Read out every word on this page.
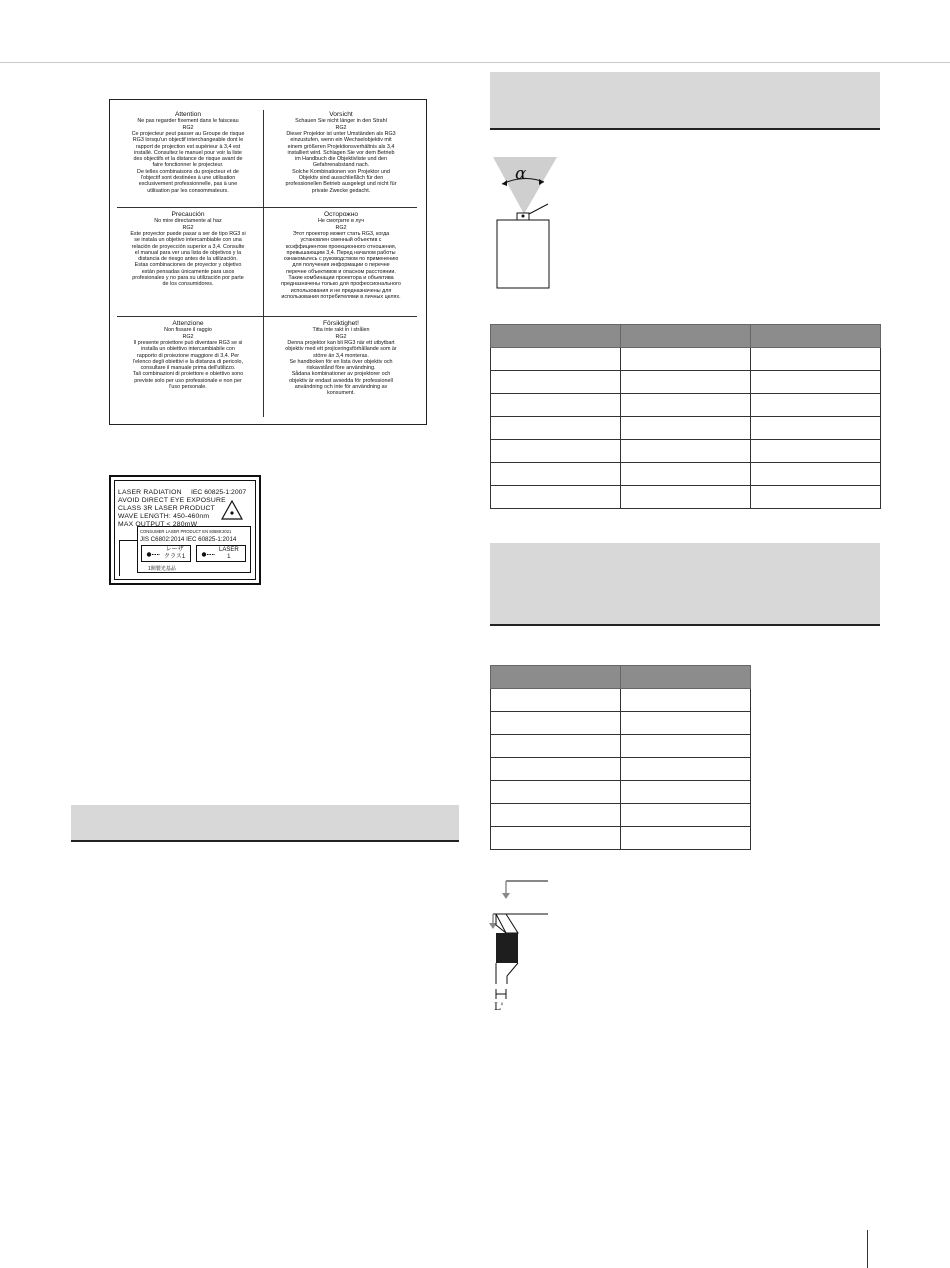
Attention
Ne pas regarder fixement dans le faisceau
RG2
Ce projecteur peut passer au Groupe de risque
RG3 lorsqu'un objectif interchangeable dont le
rapport de projection est supérieur à 3,4 est
installé. Consultez le manuel pour voir la liste
des objectifs et la distance de risque avant de
faire fonctionner le projecteur.
De telles combinaisons du projecteur et de
l'objectif sont destinées à une utilisation
exclusivement professionnelle, pas à une
utilisation par les consommateurs.
Vorsicht
Schauen Sie nicht länger in den Strahl
RG2
Dieser Projektor ist unter Umständen als RG3
einzustufen, wenn ein Wechselobjektiv mit
einem größeren Projektionsverhältnis als 3,4
installiert wird. Schlagen Sie vor dem Betrieb
im Handbuch die Objektivliste und den
Gefahrenabstand nach.
Solche Kombinationen von Projektor und
Objektiv sind ausschließlich für den
professionellen Betrieb ausgelegt und nicht für
private Zwecke gedacht.
Precaución
No mire directamente al haz
RG2
Este proyector puede pasar a ser de tipo RG3 si
se instala un objetivo intercambiable con una
relación de proyección superior a 3,4. Consulte
el manual para ver una lista de objetivos y la
distancia de riesgo antes de la utilización.
Estas combinaciones de proyector y objetivo
están pensadas únicamente para usos
profesionales y no para su utilización por parte
de los consumidores.
Осторожно
Не смотрите в луч
RG2
Этот проектор может стать RG3, когда
установлен сменный объектив с
коэффициентом проекционного отношения,
превышающим 3,4. Перед началом работы
ознакомьтесь с руководством по применению
для получения информации о перечне
перечне объективов и опасном расстоянии.
Такие комбинации проектора и объектива
предназначены только для профессионального
использования и не предназначены для
использования потребителями в личных целях.
Attenzione
Non fissare il raggio
RG2
Il presente proiettore può diventare RG3 se si
installa un obiettivo intercambiabile con
rapporto di proiezione maggiore di 3,4. Per
l'elenco degli obiettivi e la distanza di pericolo,
consultare il manuale prima dell'utilizzo.
Tali combinazioni di proiettore e obiettivo sono
previste solo per uso professionale e non per
l'uso personale.
Försiktighet!
Titta inte rakt in i strålen
RG2
Denna projektor kan bli RG3 när ett utbytbart
objektiv med ett projiceringsförhållande som är
större än 3,4 monteras.
Se handboken för en lista över objektiv och
riskavstånd före användning.
Sådana kombinationer av projektorer och
objektiv är endast avsedda för professionell
användning och inte för användning av
konsument.
LASER RADIATION
AVOID DIRECT EYE EXPOSURE
CLASS 3R LASER PRODUCT
WAVE LENGTH: 450-460nm
MAX OUTPUT < 280mW
IEC 60825-1:2007
CONSUMER LASER PRODUCT EN 50689:2021
JIS C6802:2014 IEC 60825-1:2014
レーザ
クラス1
LASER
1
1開製光基品
α

L'
